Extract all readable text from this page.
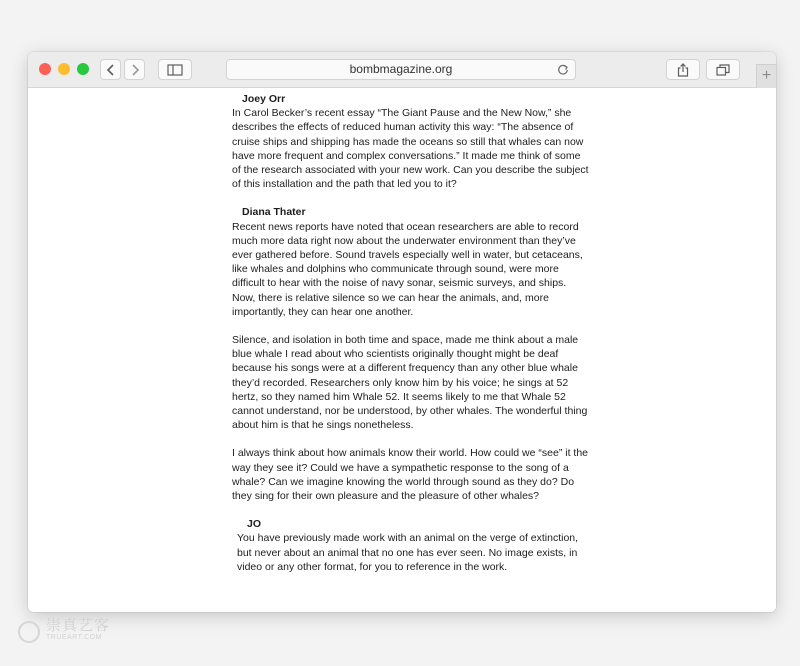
bombmagazine.org	+

Joey Orr

In Carol Becker’s recent essay “The Giant Pause and the New Now,” she describes the effects of reduced human activity this way: “The absence of cruise ships and shipping has made the oceans so still that whales can now have more frequent and complex conversations.” It made me think of some of the research associated with your new work. Can you describe the subject of this installation and the path that led you to it?

Diana Thater

Recent news reports have noted that ocean researchers are able to record much more data right now about the underwater environment than they’ve ever gathered before. Sound travels especially well in water, but cetaceans, like whales and dolphins who communicate through sound, were more difficult to hear with the noise of navy sonar, seismic surveys, and ships. Now, there is relative silence so we can hear the animals, and, more importantly, they can hear one another.

Silence, and isolation in both time and space, made me think about a male blue whale I read about who scientists originally thought might be deaf because his songs were at a different frequency than any other blue whale they’d recorded. Researchers only know him by his voice; he sings at 52 hertz, so they named him Whale 52. It seems likely to me that Whale 52 cannot understand, nor be understood, by other whales. The wonderful thing about him is that he sings nonetheless.

I always think about how animals know their world. How could we “see” it the way they see it? Could we have a sympathetic response to the song of a whale? Can we imagine knowing the world through sound as they do? Do they sing for their own pleasure and the pleasure of other whales?

JO

You have previously made work with an animal on the verge of extinction, but never about an animal that no one has ever seen. No image exists, in video or any other format, for you to reference in the work.

崇真艺客
TRUEART.COM
